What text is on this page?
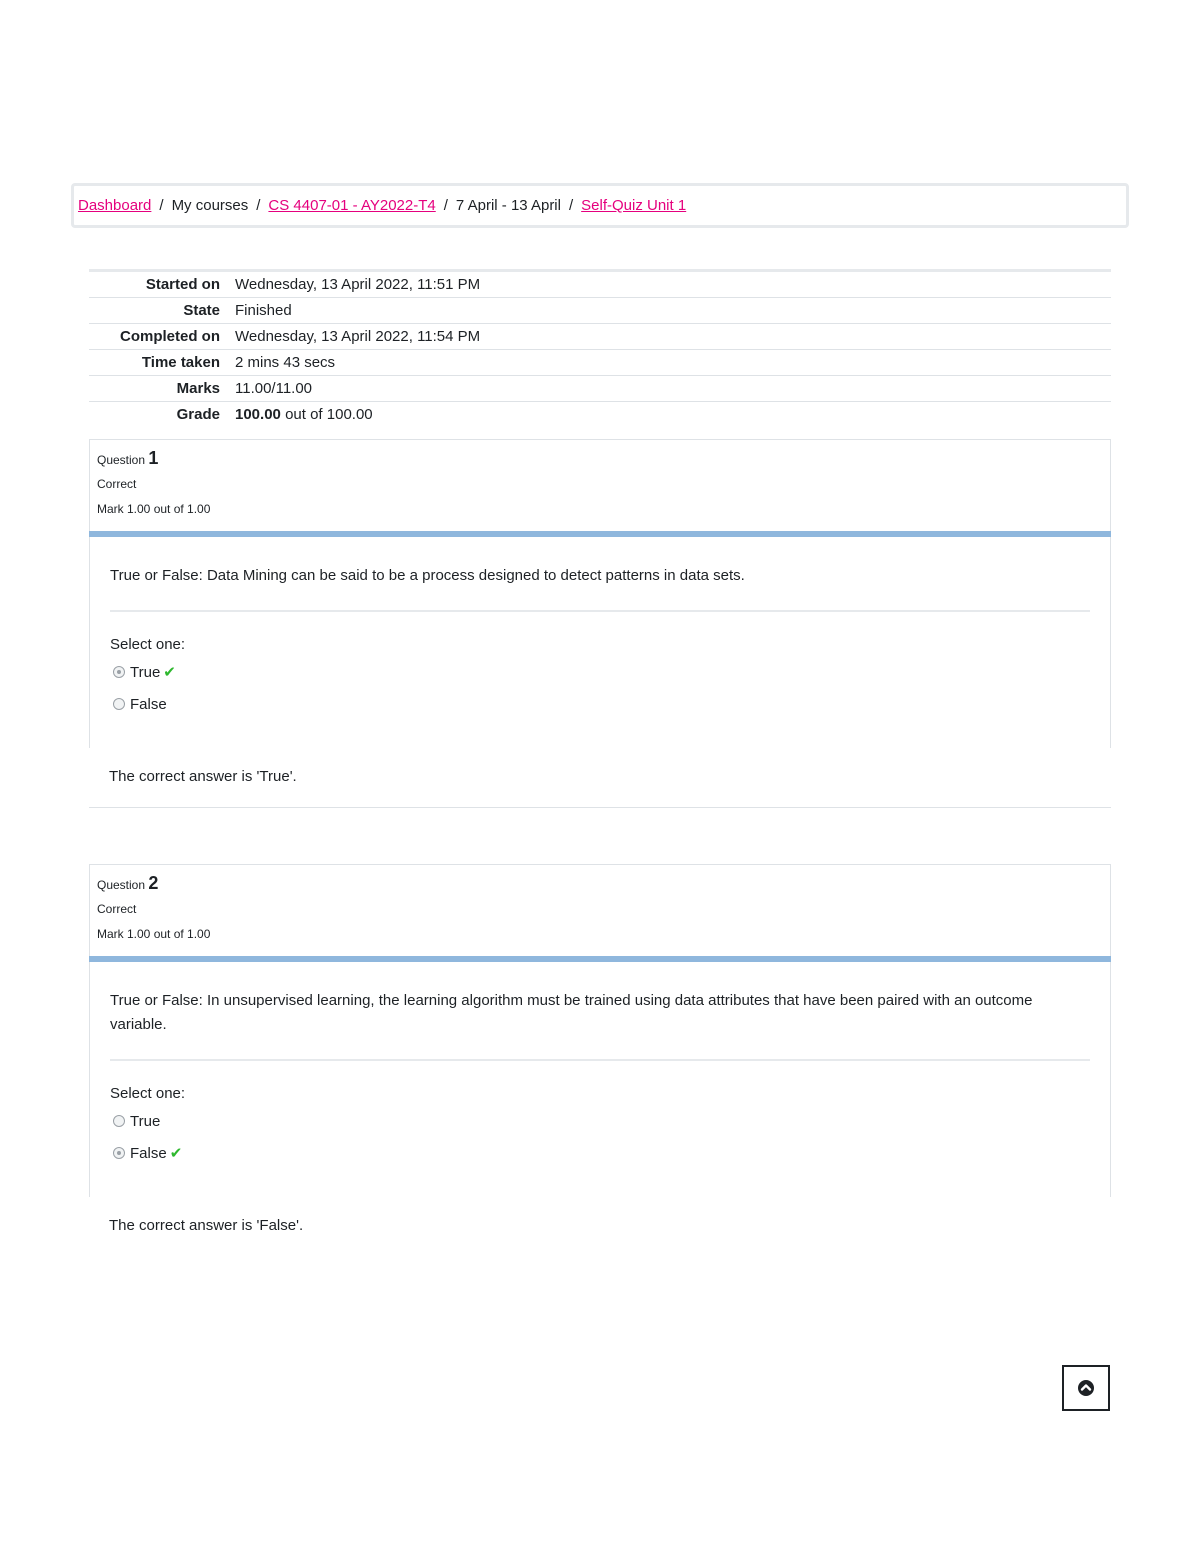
Dashboard / My courses / CS 4407-01 - AY2022-T4 / 7 April - 13 April / Self-Quiz Unit 1
Started on	Wednesday, 13 April 2022, 11:51 PM
State	Finished
Completed on	Wednesday, 13 April 2022, 11:54 PM
Time taken	2 mins 43 secs
Marks	11.00/11.00
Grade	100.00 out of 100.00
Question 1
Correct
Mark 1.00 out of 1.00
True or False: Data Mining can be said to be a process designed to detect patterns in data sets.
Select one:
True ✔
False
The correct answer is 'True'.
Question 2
Correct
Mark 1.00 out of 1.00
True or False: In unsupervised learning, the learning algorithm must be trained using data attributes that have been paired with an outcome variable.
Select one:
True
False ✔
The correct answer is 'False'.
